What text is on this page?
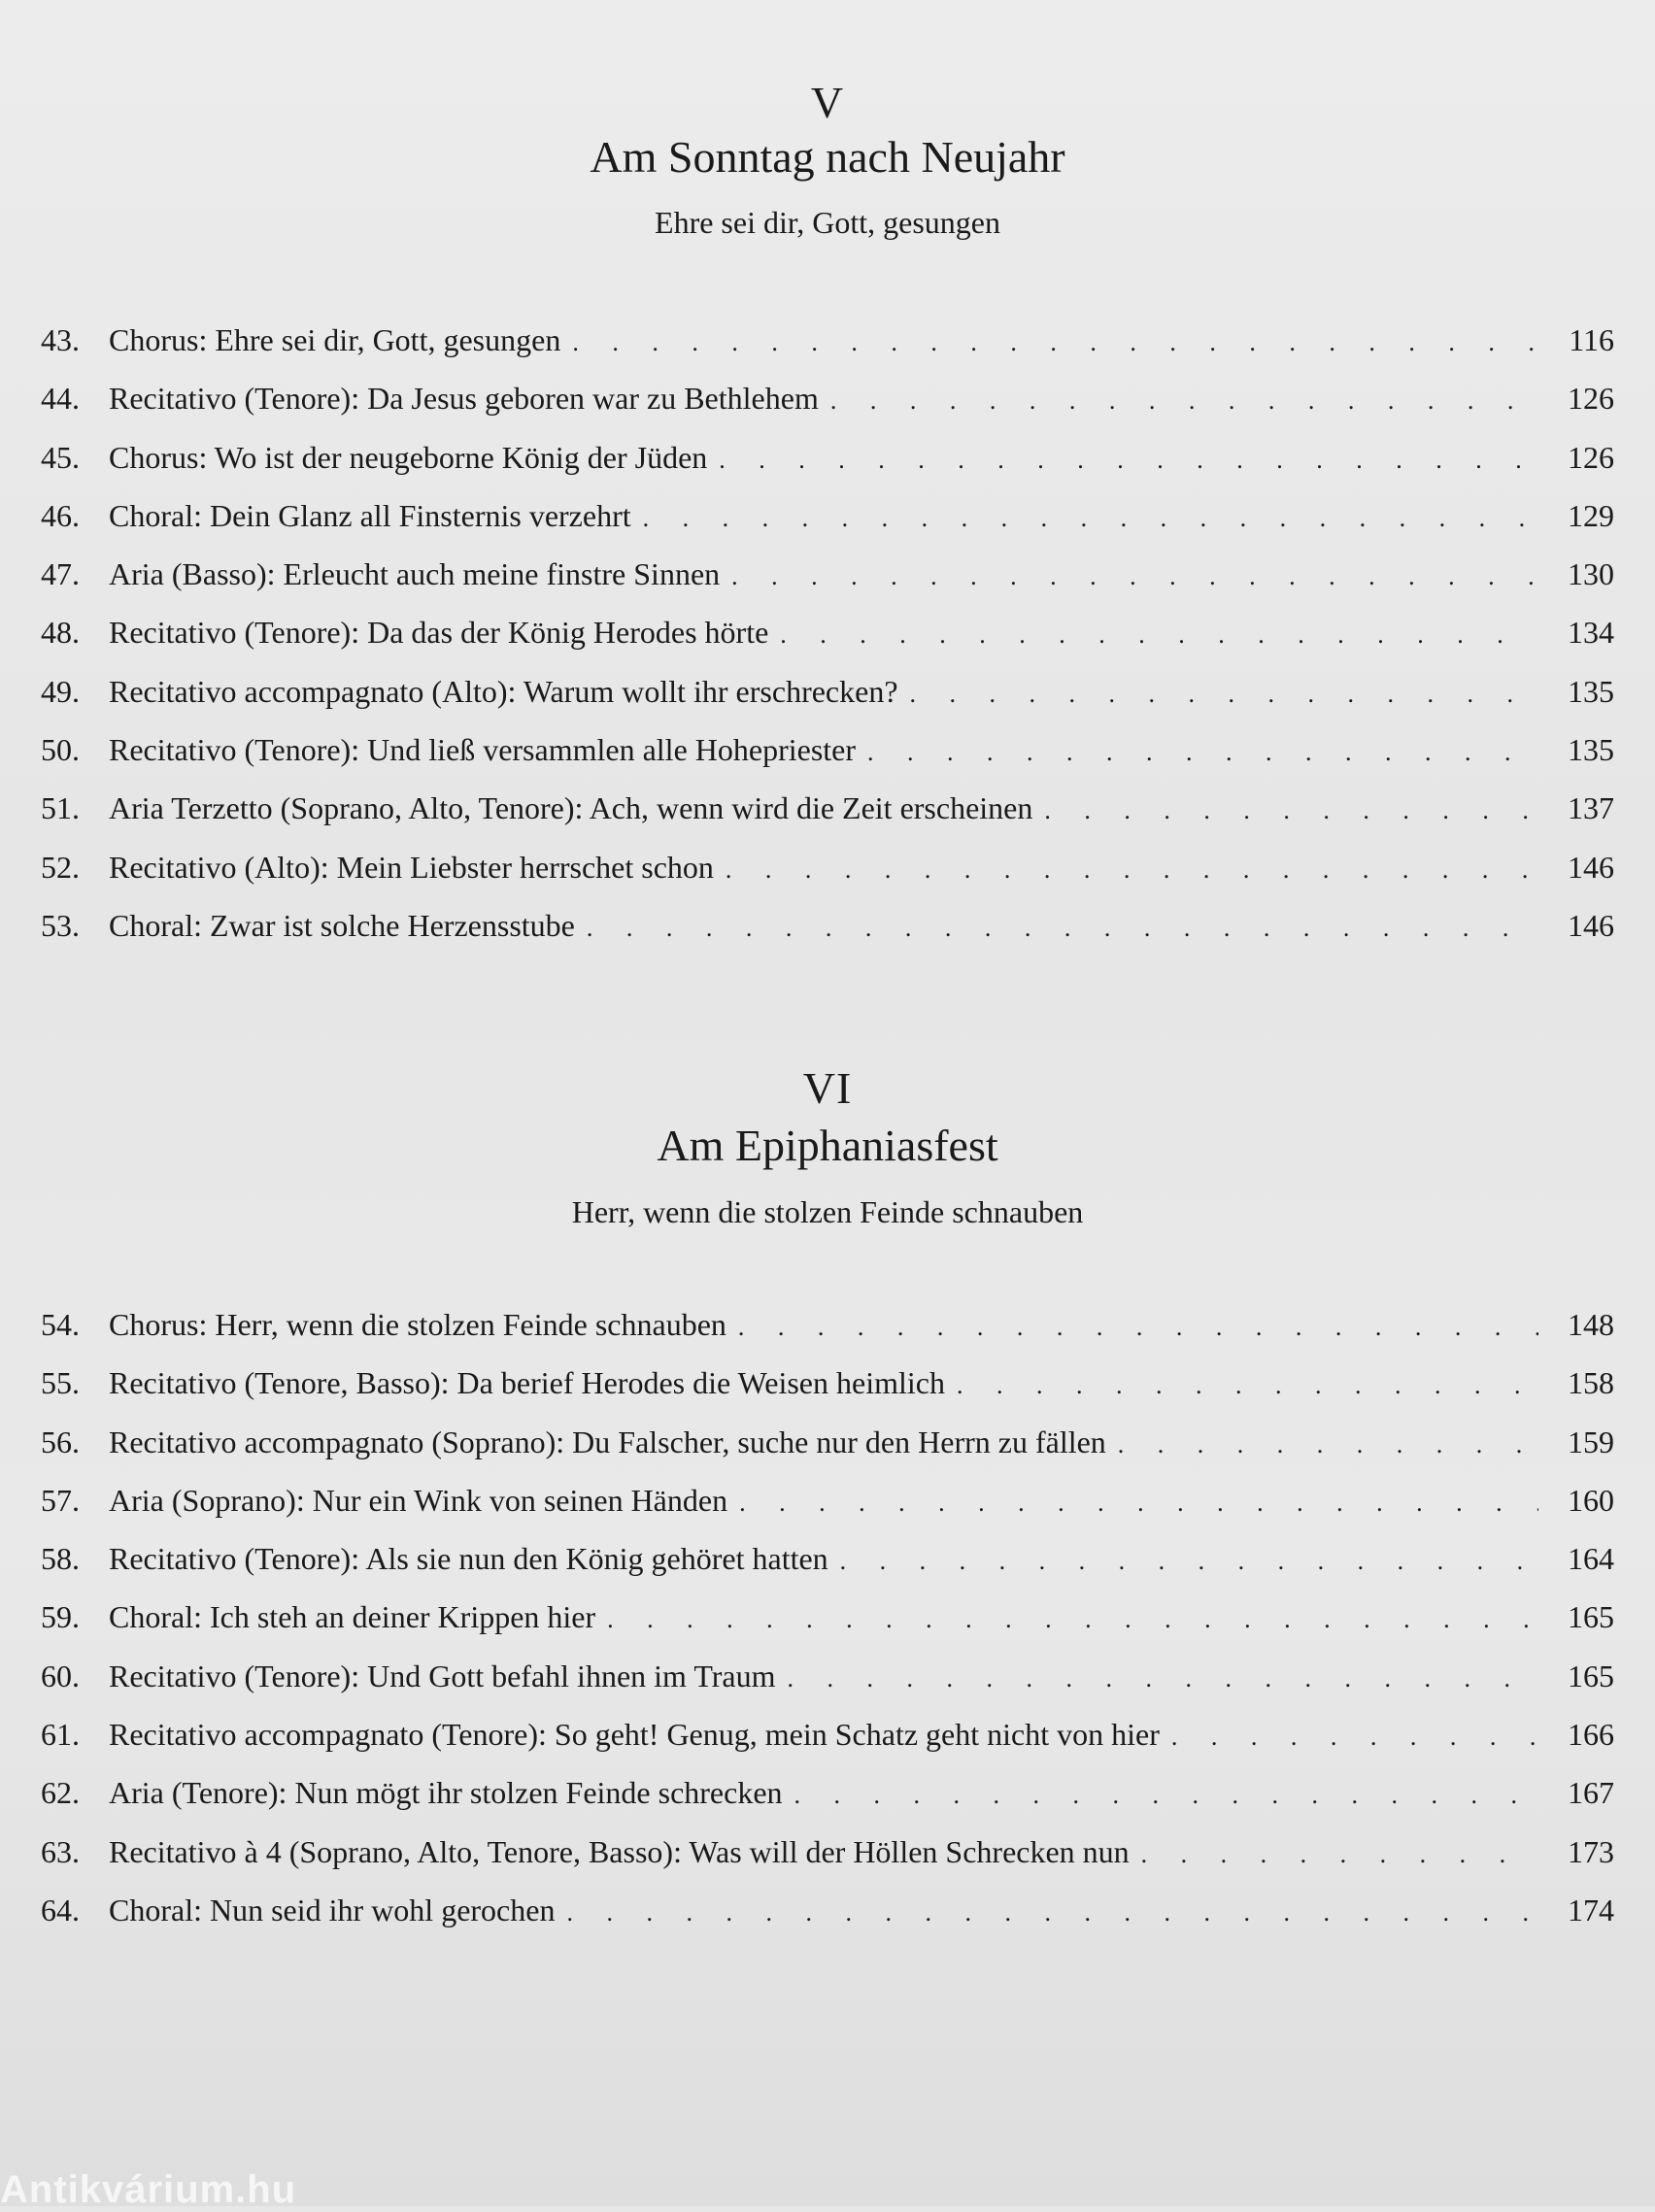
V
Am Sonntag nach Neujahr
Ehre sei dir, Gott, gesungen
43. Chorus: Ehre sei dir, Gott, gesungen . . .	116
44. Recitativo (Tenore): Da Jesus geboren war zu Bethlehem . . .	126
45. Chorus: Wo ist der neugeborne König der Jüden . . .	126
46. Choral: Dein Glanz all Finsternis verzehrt . . .	129
47. Aria (Basso): Erleucht auch meine finstre Sinnen . . .	130
48. Recitativo (Tenore): Da das der König Herodes hörte . . .	134
49. Recitativo accompagnato (Alto): Warum wollt ihr erschrecken? . . .	135
50. Recitativo (Tenore): Und ließ versammlen alle Hohepriester . . .	135
51. Aria Terzetto (Soprano, Alto, Tenore): Ach, wenn wird die Zeit erscheinen . . .	137
52. Recitativo (Alto): Mein Liebster herrschet schon . . .	146
53. Choral: Zwar ist solche Herzensstube . . .	146
VI
Am Epiphaniasfest
Herr, wenn die stolzen Feinde schnauben
54. Chorus: Herr, wenn die stolzen Feinde schnauben . . .	148
55. Recitativo (Tenore, Basso): Da berief Herodes die Weisen heimlich . . .	158
56. Recitativo accompagnato (Soprano): Du Falscher, suche nur den Herrn zu fällen . . .	159
57. Aria (Soprano): Nur ein Wink von seinen Händen . . .	160
58. Recitativo (Tenore): Als sie nun den König gehöret hatten . . .	164
59. Choral: Ich steh an deiner Krippen hier . . .	165
60. Recitativo (Tenore): Und Gott befahl ihnen im Traum . . .	165
61. Recitativo accompagnato (Tenore): So geht! Genug, mein Schatz geht nicht von hier . . .	166
62. Aria (Tenore): Nun mögt ihr stolzen Feinde schrecken . . .	167
63. Recitativo à 4 (Soprano, Alto, Tenore, Basso): Was will der Höllen Schrecken nun . . .	173
64. Choral: Nun seid ihr wohl gerochen . . .	174
Antikvárium.hu
